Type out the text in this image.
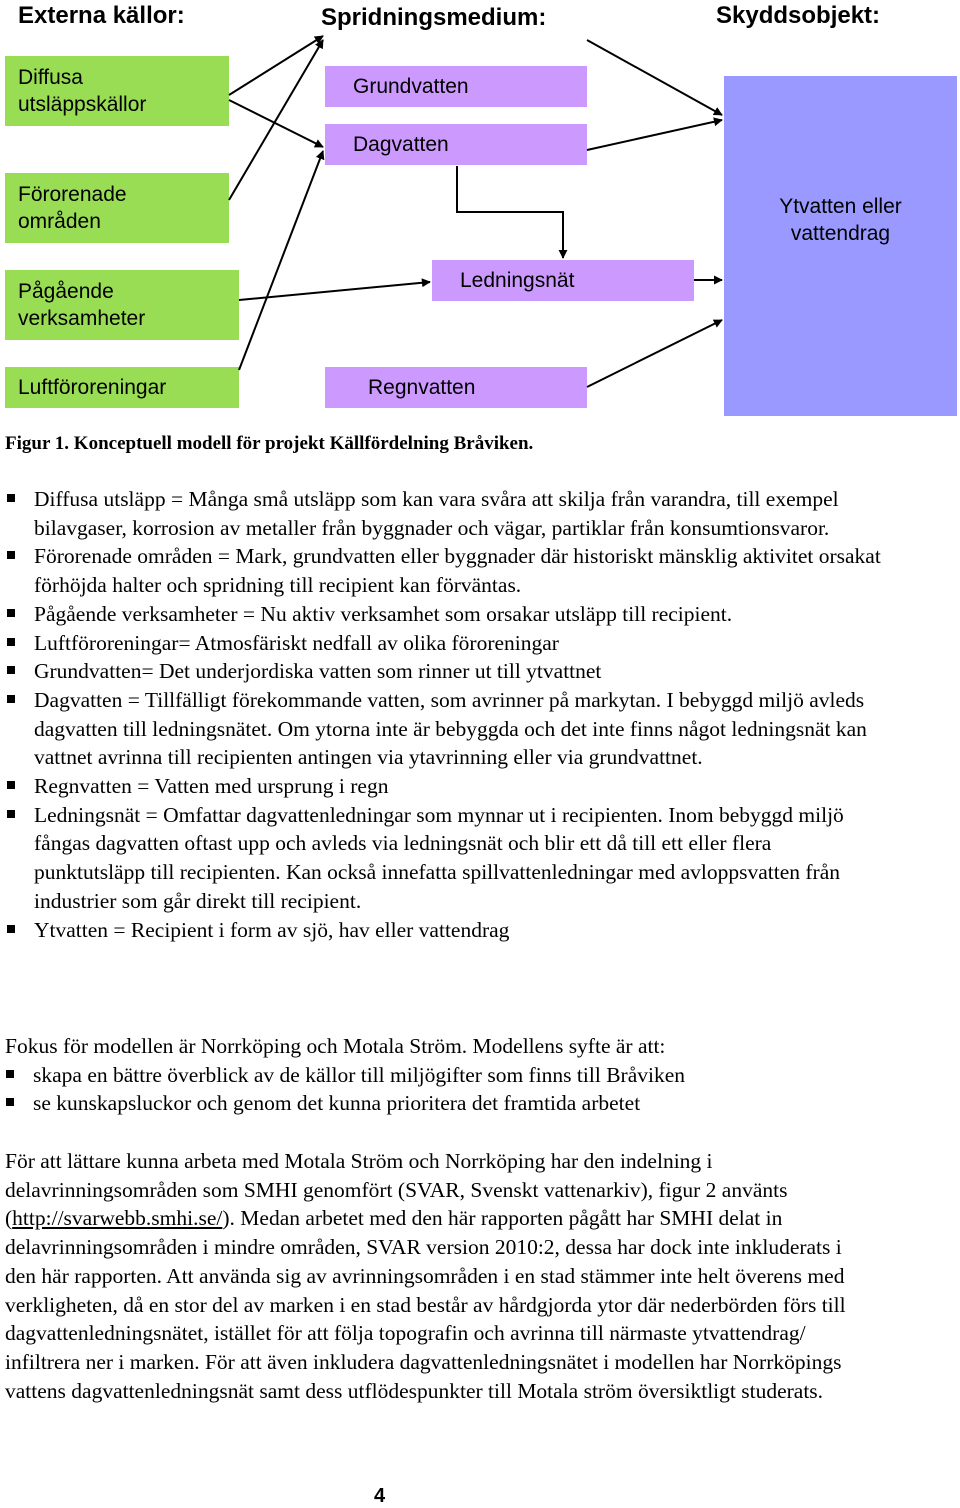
Externa källor:	Spridningsmedium:	Skyddsobjekt:
Diffusa utsläppskällor
Förorenade områden
Pågående verksamheter
Luftföroreningar
Grundvatten
Dagvatten
Ledningsnät
Regnvatten
Ytvatten eller vattendrag
Figur 1. Konceptuell modell för projekt Källfördelning Bråviken.
Diffusa utsläpp = Många små utsläpp som kan vara svåra att skilja från varandra, till exempel bilavgaser, korrosion av metaller från byggnader och vägar, partiklar från konsumtionsvaror.
Förorenade områden = Mark, grundvatten eller byggnader där historiskt mänsklig aktivitet orsakat förhöjda halter och spridning till recipient kan förväntas.
Pågående verksamheter = Nu aktiv verksamhet som orsakar utsläpp till recipient.
Luftföroreningar= Atmosfäriskt nedfall av olika föroreningar
Grundvatten= Det underjordiska vatten som rinner ut till ytvattnet
Dagvatten = Tillfälligt förekommande vatten, som avrinner på markytan. I bebyggd miljö avleds dagvatten till ledningsnätet. Om ytorna inte är bebyggda och det inte finns något ledningsnät kan vattnet avrinna till recipienten antingen via ytavrinning eller via grundvattnet.
Regnvatten = Vatten med ursprung i regn
Ledningsnät = Omfattar dagvattenledningar som mynnar ut i recipienten. Inom bebyggd miljö fångas dagvatten oftast upp och avleds via ledningsnät och blir ett då till ett eller flera punktutsläpp till recipienten. Kan också innefatta spillvattenledningar med avloppsvatten från industrier som går direkt till recipient.
Ytvatten = Recipient i form av sjö, hav eller vattendrag

Fokus för modellen är Norrköping och Motala Ström. Modellens syfte är att:

skapa en bättre överblick av de källor till miljögifter som finns till Bråviken
se kunskapsluckor och genom det kunna prioritera det framtida arbetet

För att lättare kunna arbeta med Motala Ström och Norrköping har den indelning i delavrinningsområden som SMHI genomfört (SVAR, Svenskt vattenarkiv), figur 2 använts (http://svarwebb.smhi.se/). Medan arbetet med den här rapporten pågått har SMHI delat in delavrinningsområden i mindre områden, SVAR version 2010:2, dessa har dock inte inkluderats i den här rapporten. Att använda sig av avrinningsområden i en stad stämmer inte helt överens med verkligheten, då en stor del av marken i en stad består av hårdgjorda ytor där nederbörden förs till dagvattenledningsnätet, istället för att följa topografin och avrinna till närmaste ytvattendrag/ infiltrera ner i marken. För att även inkludera dagvattenledningsnätet i modellen har Norrköpings vattens dagvattenledningsnät samt dess utflödespunkter till Motala ström översiktligt studerats.

4
